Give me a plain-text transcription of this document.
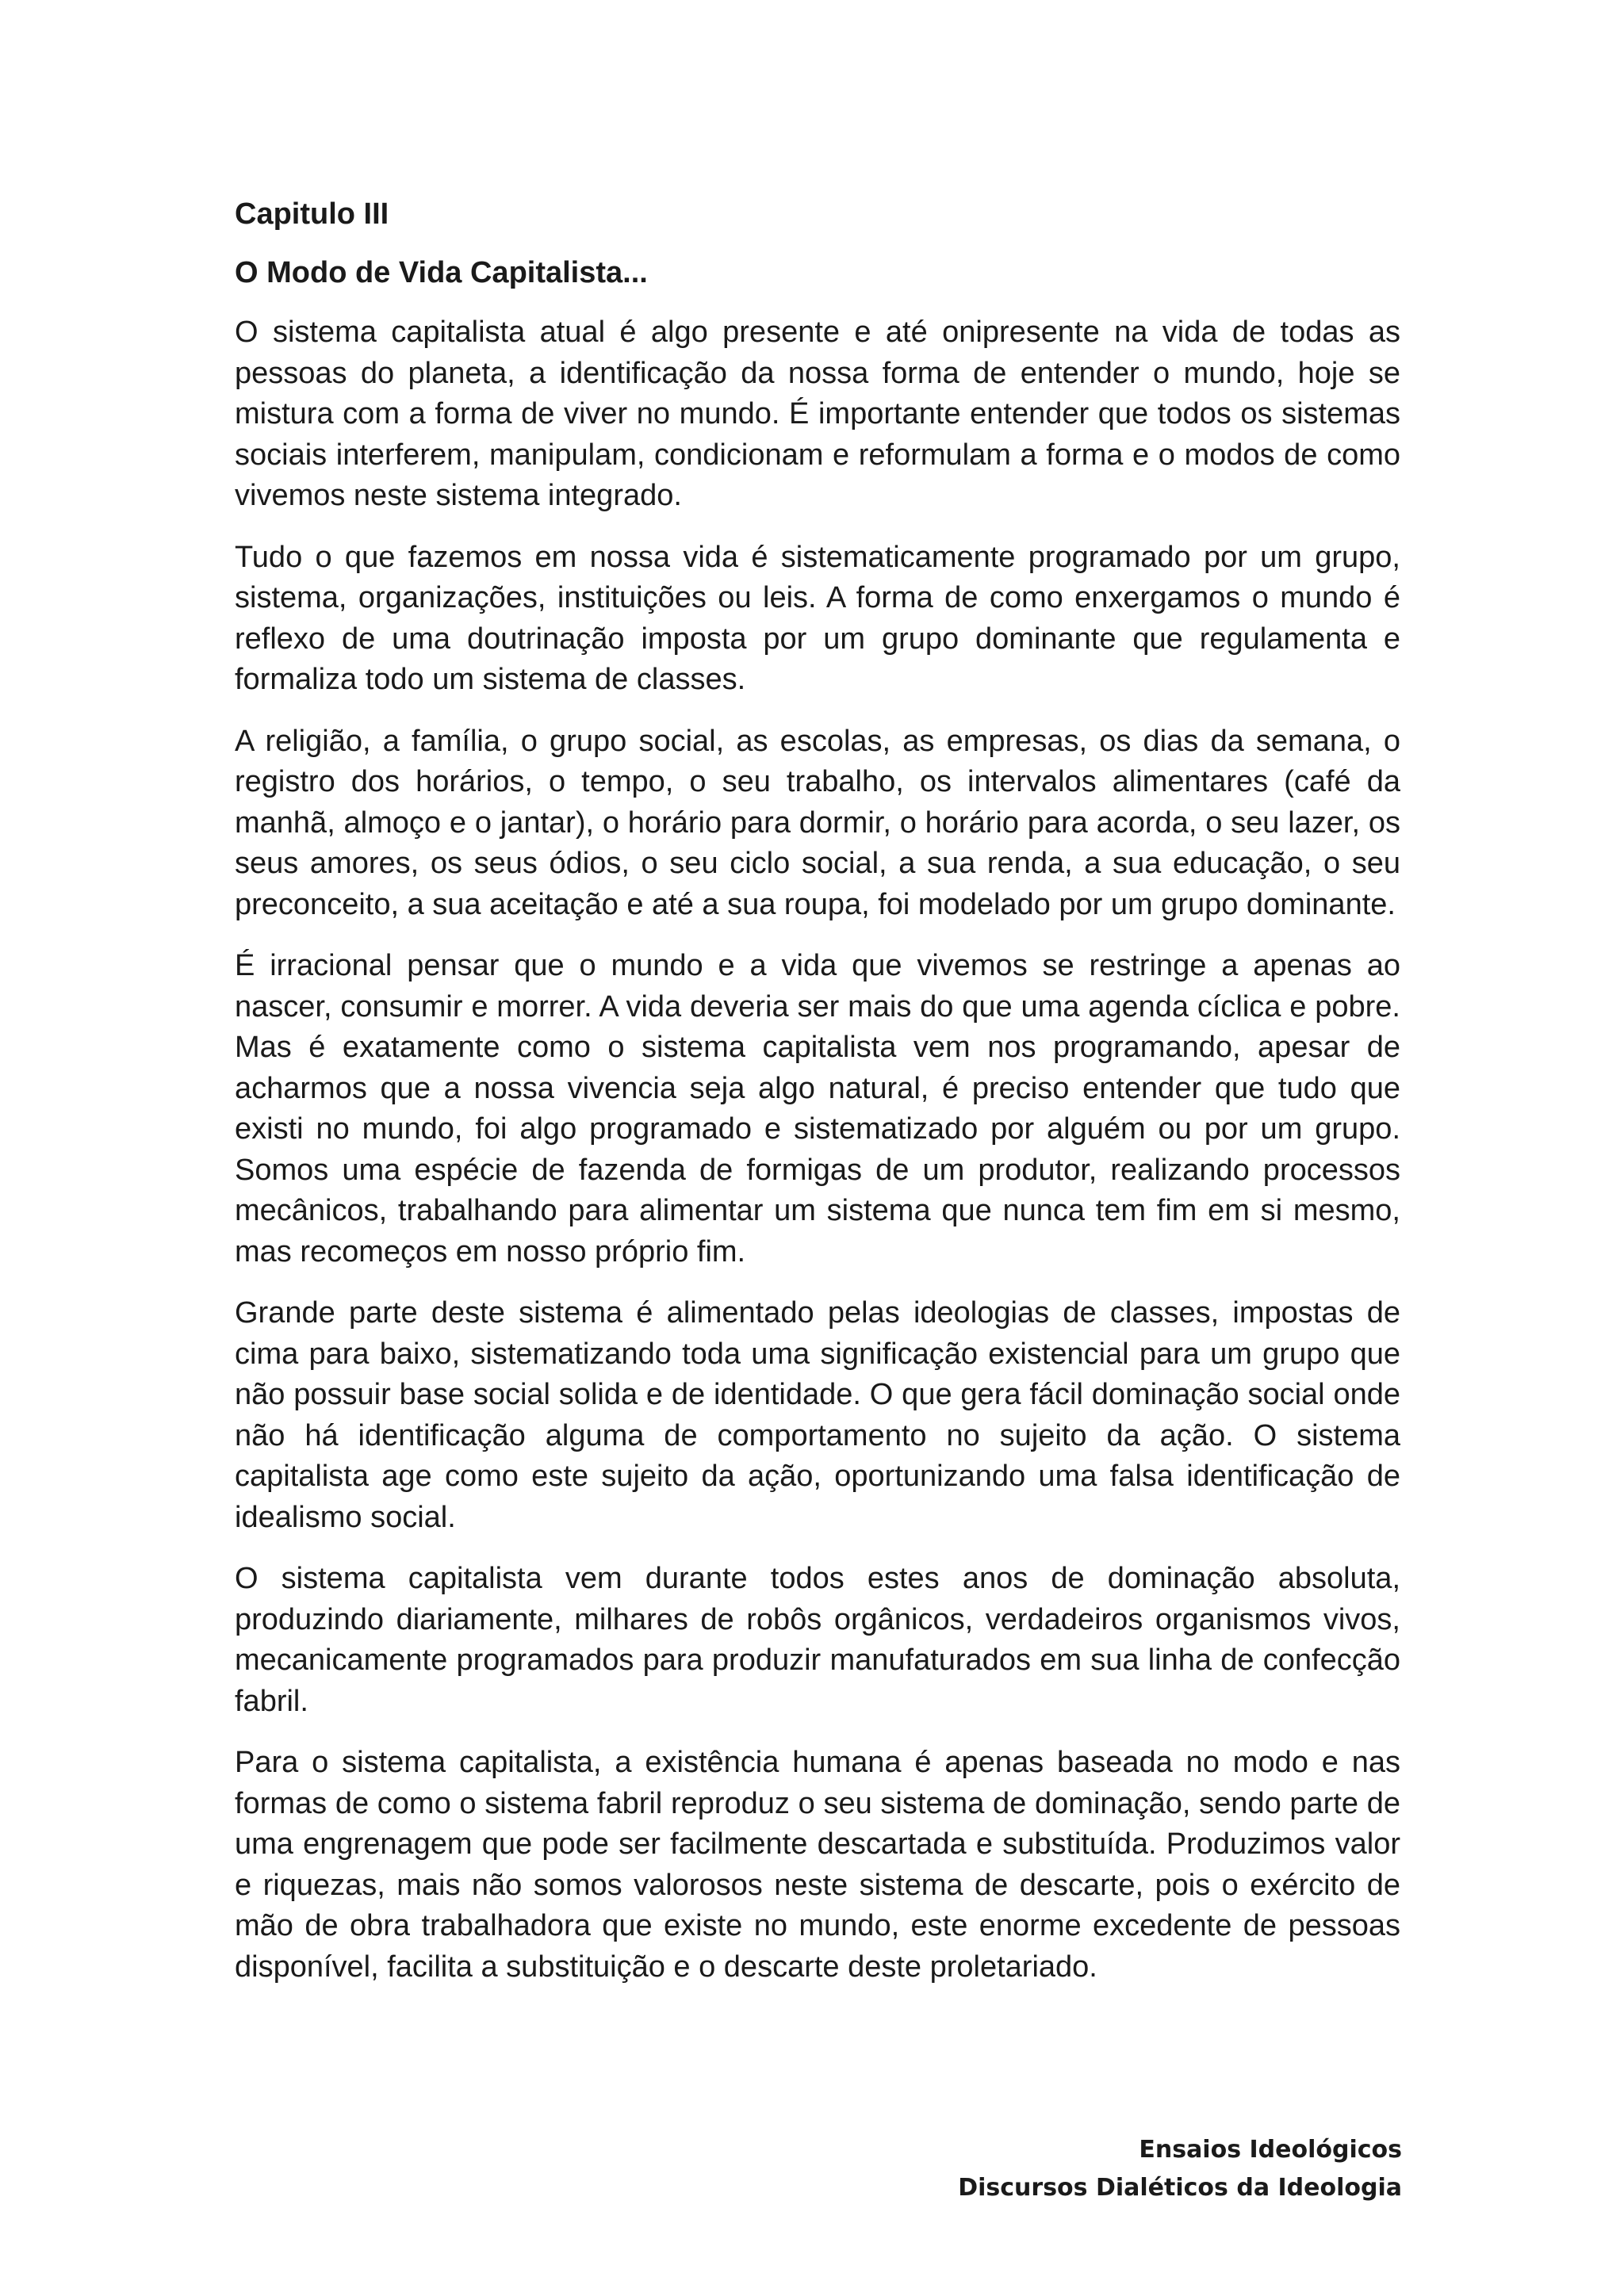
Capitulo III
O Modo de Vida Capitalista...

O sistema capitalista atual é algo presente e até onipresente na vida de todas as pessoas do planeta, a identificação da nossa forma de entender o mundo, hoje se mistura com a forma de viver no mundo. É importante entender que todos os sistemas sociais interferem, manipulam, condicionam e reformulam a forma e o modos de como vivemos neste sistema integrado.

Tudo o que fazemos em nossa vida é sistematicamente programado por um grupo, sistema, organizações, instituições ou leis. A forma de como enxergamos o mundo é reflexo de uma doutrinação imposta por um grupo dominante que regulamenta e formaliza todo um sistema de classes.

A religião, a família, o grupo social, as escolas, as empresas, os dias da semana, o registro dos horários, o tempo, o seu trabalho, os intervalos alimentares (café da manhã, almoço e o jantar), o horário para dormir, o horário para acorda, o seu lazer, os seus amores, os seus ódios, o seu ciclo social, a sua renda, a sua educação, o seu preconceito, a sua aceitação e até a sua roupa, foi modelado por um grupo dominante.

É irracional pensar que o mundo e a vida que vivemos se restringe a apenas ao nascer, consumir e morrer. A vida deveria ser mais do que uma agenda cíclica e pobre. Mas é exatamente como o sistema capitalista vem nos programando, apesar de acharmos que a nossa vivencia seja algo natural, é preciso entender que tudo que existi no mundo, foi algo programado e sistematizado por alguém ou por um grupo. Somos uma espécie de fazenda de formigas de um produtor, realizando processos mecânicos, trabalhando para alimentar um sistema que nunca tem fim em si mesmo, mas recomeços em nosso próprio fim.

Grande parte deste sistema é alimentado pelas ideologias de classes, impostas de cima para baixo, sistematizando toda uma significação existencial para um grupo que não possuir base social solida e de identidade. O que gera fácil dominação social onde não há identificação alguma de comportamento no sujeito da ação. O sistema capitalista age como este sujeito da ação, oportunizando uma falsa identificação de idealismo social.

O sistema capitalista vem durante todos estes anos de dominação absoluta, produzindo diariamente, milhares de robôs orgânicos, verdadeiros organismos vivos, mecanicamente programados para produzir manufaturados em sua linha de confecção fabril.

Para o sistema capitalista, a existência humana é apenas baseada no modo e nas formas de como o sistema fabril reproduz o seu sistema de dominação, sendo parte de uma engrenagem que pode ser facilmente descartada e substituída. Produzimos valor e riquezas, mais não somos valorosos neste sistema de descarte, pois o exército de mão de obra trabalhadora que existe no mundo, este enorme excedente de pessoas disponível, facilita a substituição e o descarte deste proletariado.

Ensaios Ideológicos
Discursos Dialéticos da Ideologia
